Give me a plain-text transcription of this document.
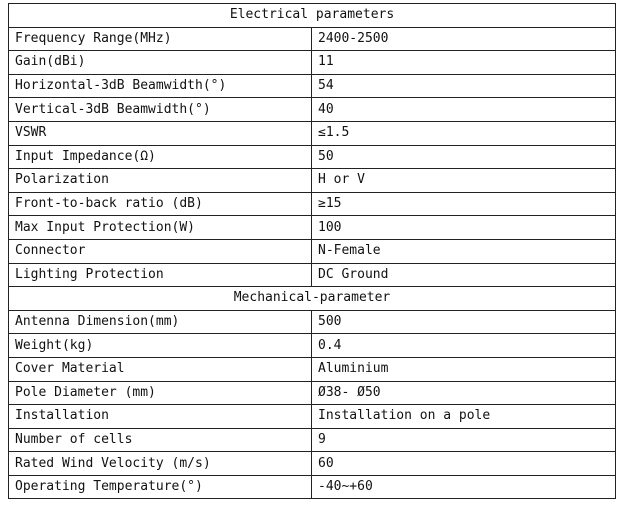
Electrical parameters	
Frequency Range(MHz)	2400-2500
Gain(dBi)	11
Horizontal-3dB Beamwidth(°)	54
Vertical-3dB Beamwidth(°)	40
VSWR	≤1.5
Input Impedance(Ω)	50
Polarization	H or V
Front-to-back ratio (dB)	≥15
Max Input Protection(W)	100
Connector	N-Female
Lighting Protection	DC Ground
Mechanical-parameter	
Antenna Dimension(mm)	500
Weight(kg)	0.4
Cover Material	Aluminium
Pole Diameter (mm)	Ø38- Ø50
Installation	Installation on a pole
Number of cells	9
Rated Wind Velocity (m/s)	60
Operating Temperature(°)	-40~+60
